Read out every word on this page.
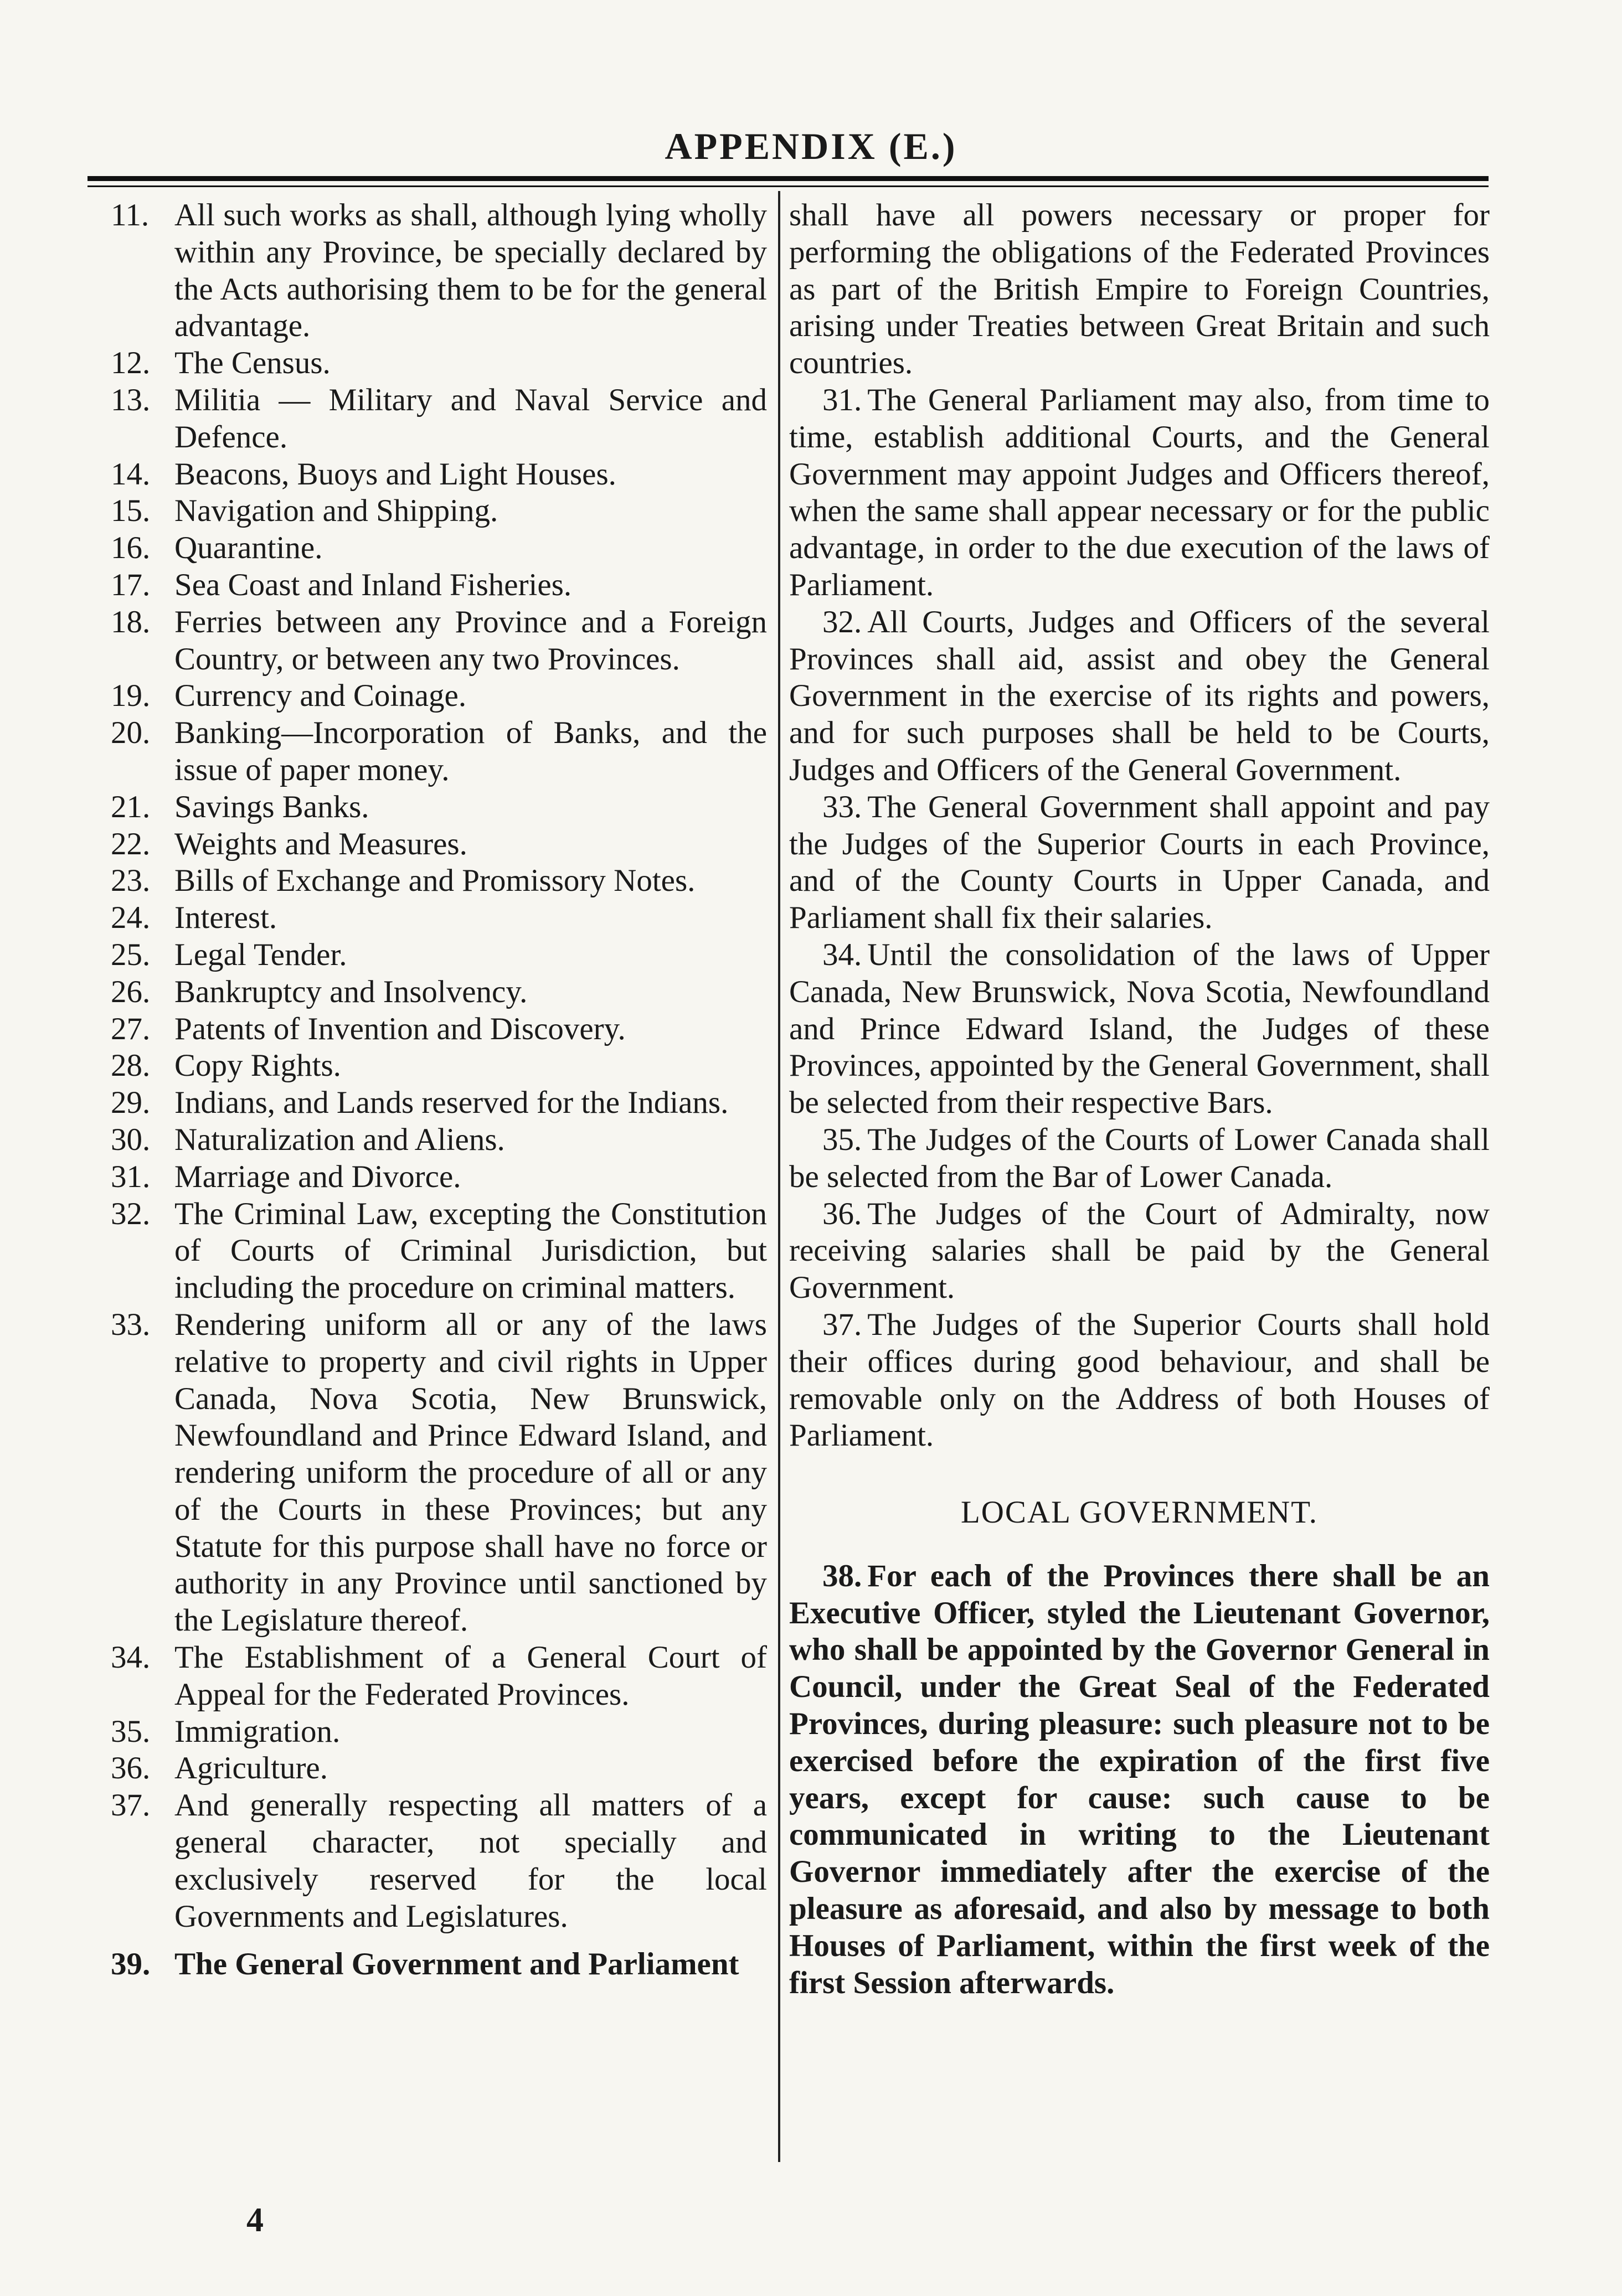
APPENDIX (E.)
11. All such works as shall, although lying wholly within any Province, be specially declared by the Acts authorising them to be for the general advantage.
12. The Census.
13. Militia — Military and Naval Service and Defence.
14. Beacons, Buoys and Light Houses.
15. Navigation and Shipping.
16. Quarantine.
17. Sea Coast and Inland Fisheries.
18. Ferries between any Province and a Foreign Country, or between any two Provinces.
19. Currency and Coinage.
20. Banking—Incorporation of Banks, and the issue of paper money.
21. Savings Banks.
22. Weights and Measures.
23. Bills of Exchange and Promissory Notes.
24. Interest.
25. Legal Tender.
26. Bankruptcy and Insolvency.
27. Patents of Invention and Discovery.
28. Copy Rights.
29. Indians, and Lands reserved for the Indians.
30. Naturalization and Aliens.
31. Marriage and Divorce.
32. The Criminal Law, excepting the Constitution of Courts of Criminal Jurisdiction, but including the procedure on criminal matters.
33. Rendering uniform all or any of the laws relative to property and civil rights in Upper Canada, Nova Scotia, New Brunswick, Newfoundland and Prince Edward Island, and rendering uniform the procedure of all or any of the Courts in these Provinces; but any Statute for this purpose shall have no force or authority in any Province until sanctioned by the Legislature thereof.
34. The Establishment of a General Court of Appeal for the Federated Provinces.
35. Immigration.
36. Agriculture.
37. And generally respecting all matters of a general character, not specially and exclusively reserved for the local Governments and Legislatures.
39. The General Government and Parliament
shall have all powers necessary or proper for performing the obligations of the Federated Provinces as part of the British Empire to Foreign Countries, arising under Treaties between Great Britain and such countries.
31. The General Parliament may also, from time to time, establish additional Courts, and the General Government may appoint Judges and Officers thereof, when the same shall appear necessary or for the public advantage, in order to the due execution of the laws of Parliament.
32. All Courts, Judges and Officers of the several Provinces shall aid, assist and obey the General Government in the exercise of its rights and powers, and for such purposes shall be held to be Courts, Judges and Officers of the General Government.
33. The General Government shall appoint and pay the Judges of the Superior Courts in each Province, and of the County Courts in Upper Canada, and Parliament shall fix their salaries.
34. Until the consolidation of the laws of Upper Canada, New Brunswick, Nova Scotia, Newfoundland and Prince Edward Island, the Judges of these Provinces, appointed by the General Government, shall be selected from their respective Bars.
35. The Judges of the Courts of Lower Canada shall be selected from the Bar of Lower Canada.
36. The Judges of the Court of Admiralty, now receiving salaries shall be paid by the General Government.
37. The Judges of the Superior Courts shall hold their offices during good behaviour, and shall be removable only on the Address of both Houses of Parliament.
LOCAL GOVERNMENT.
38. For each of the Provinces there shall be an Executive Officer, styled the Lieutenant Governor, who shall be appointed by the Governor General in Council, under the Great Seal of the Federated Provinces, during pleasure: such pleasure not to be exercised before the expiration of the first five years, except for cause: such cause to be communicated in writing to the Lieutenant Governor immediately after the exercise of the pleasure as aforesaid, and also by message to both Houses of Parliament, within the first week of the first Session afterwards.
4
